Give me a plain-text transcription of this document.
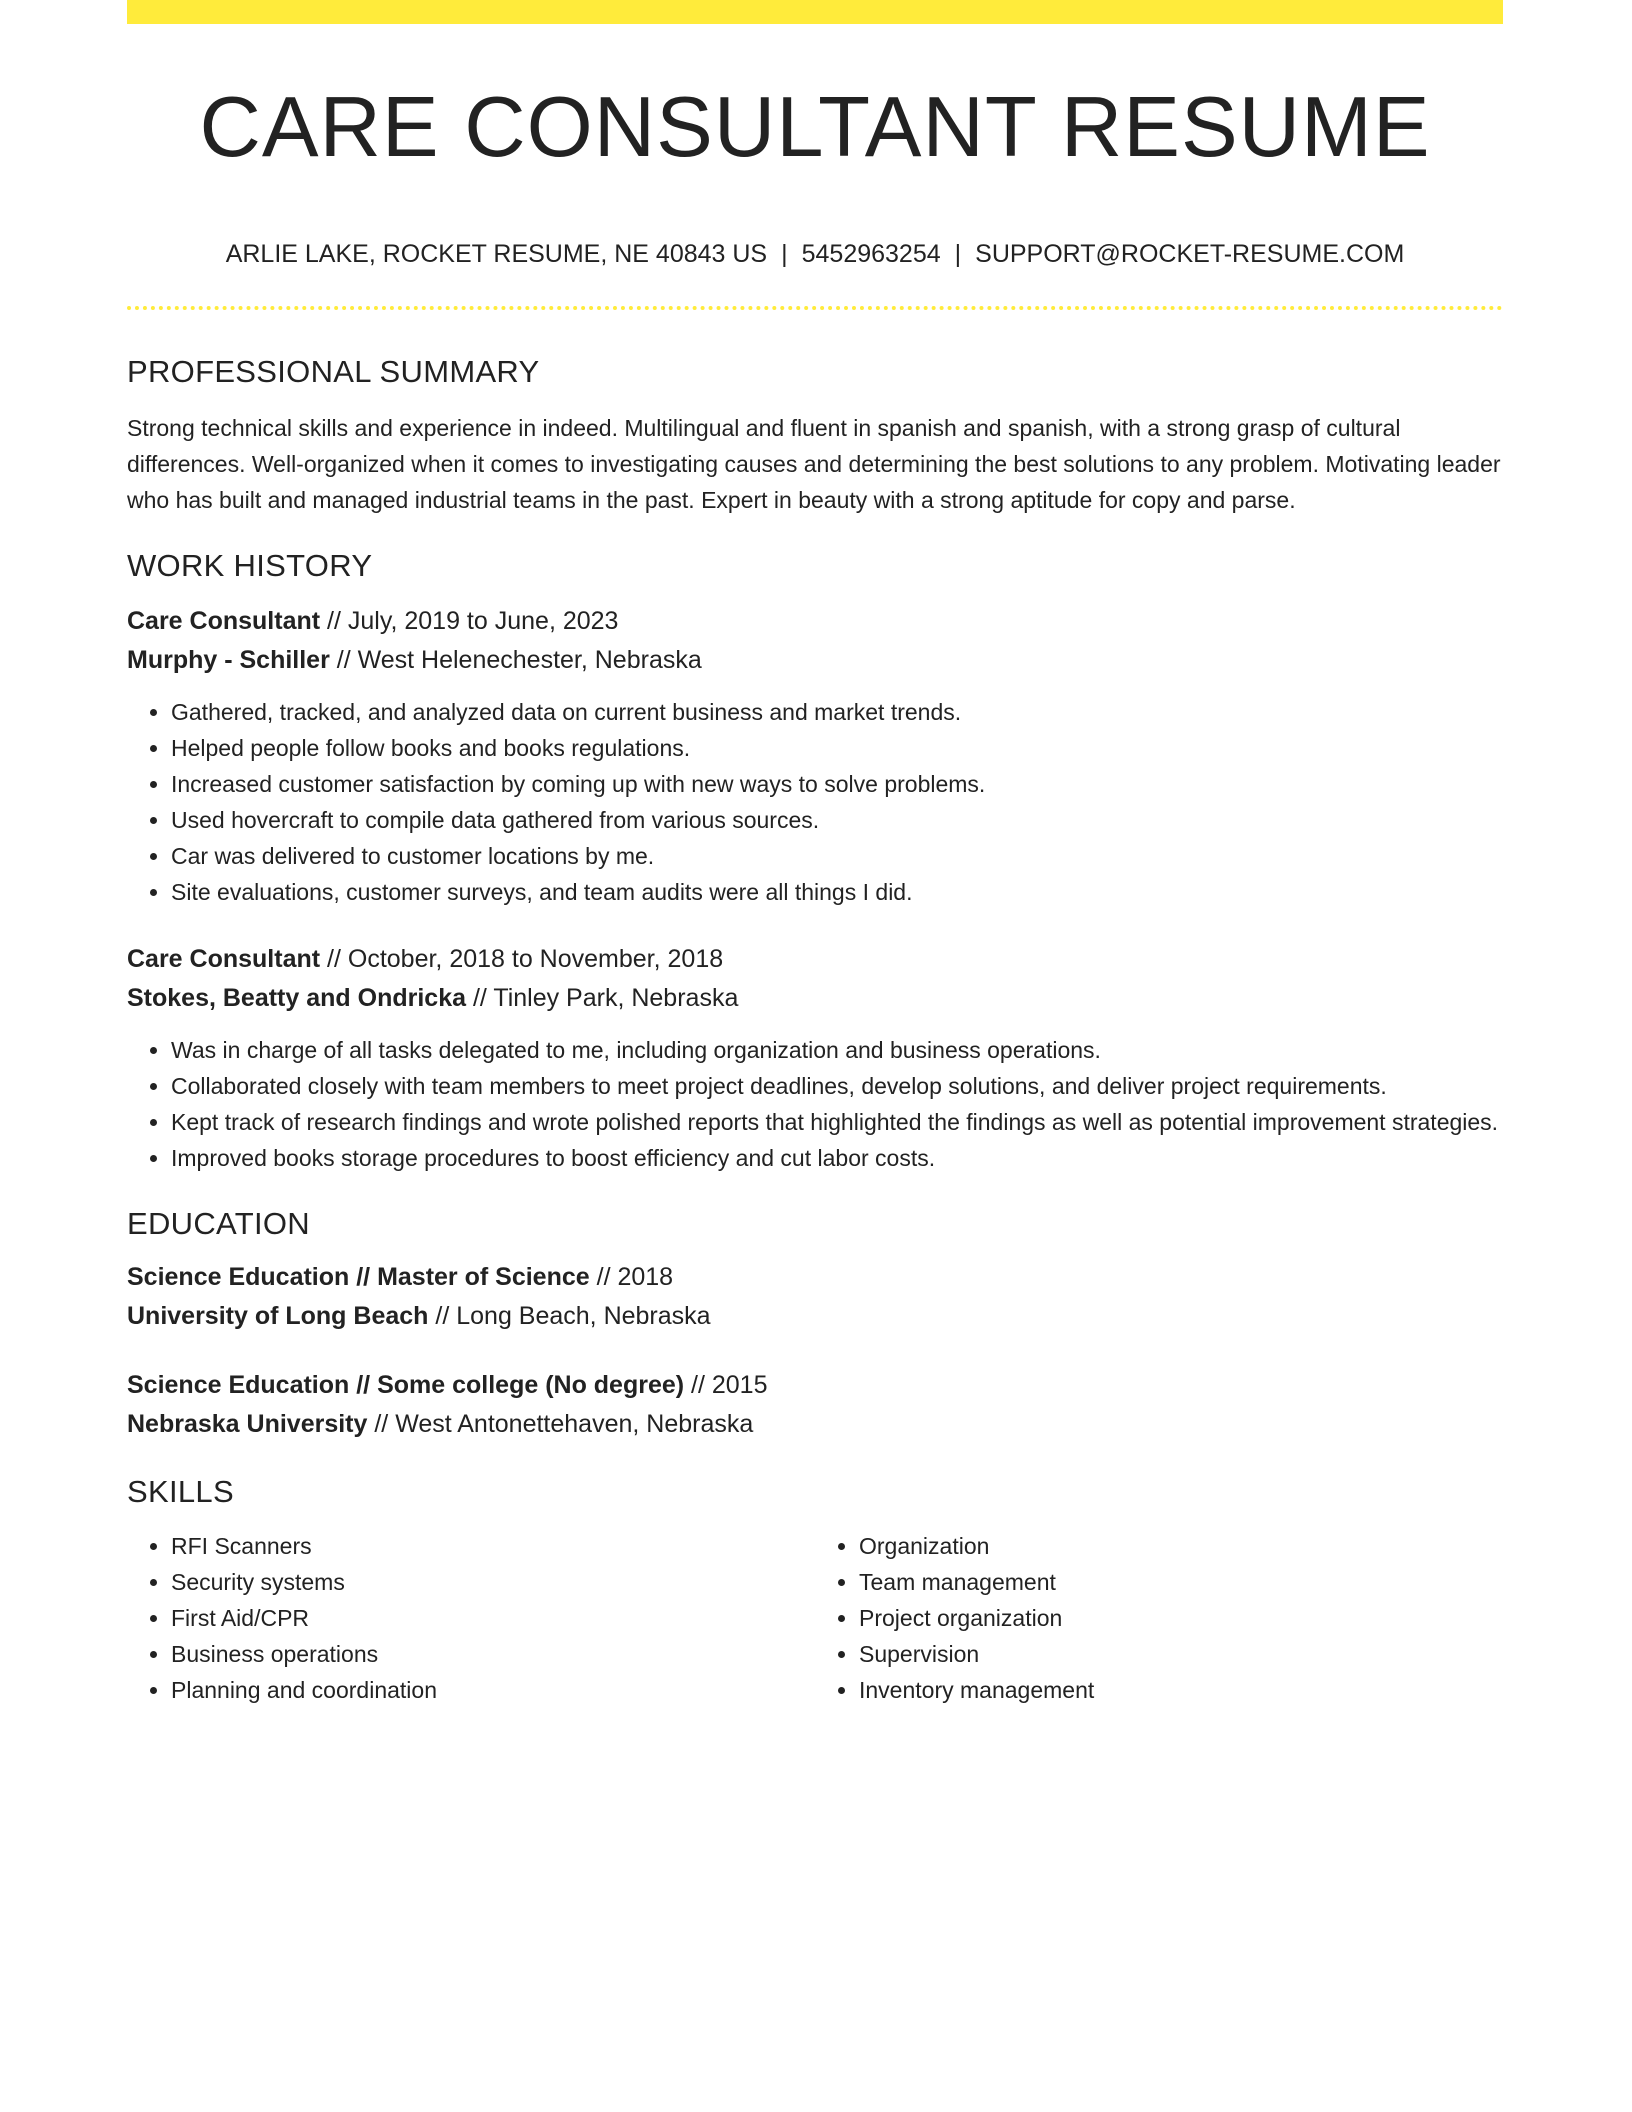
CARE CONSULTANT RESUME
ARLIE LAKE, ROCKET RESUME, NE 40843 US | 5452963254 | SUPPORT@ROCKET-RESUME.COM
PROFESSIONAL SUMMARY

Strong technical skills and experience in indeed. Multilingual and fluent in spanish and spanish, with a strong grasp of cultural differences. Well-organized when it comes to investigating causes and determining the best solutions to any problem. Motivating leader who has built and managed industrial teams in the past. Expert in beauty with a strong aptitude for copy and parse.

WORK HISTORY
Care Consultant // July, 2019 to June, 2023
Murphy - Schiller // West Helenechester, Nebraska
• Gathered, tracked, and analyzed data on current business and market trends.
• Helped people follow books and books regulations.
• Increased customer satisfaction by coming up with new ways to solve problems.
• Used hovercraft to compile data gathered from various sources.
• Car was delivered to customer locations by me.
• Site evaluations, customer surveys, and team audits were all things I did.
Care Consultant // October, 2018 to November, 2018
Stokes, Beatty and Ondricka // Tinley Park, Nebraska
• Was in charge of all tasks delegated to me, including organization and business operations.
• Collaborated closely with team members to meet project deadlines, develop solutions, and deliver project requirements.
• Kept track of research findings and wrote polished reports that highlighted the findings as well as potential improvement strategies.
• Improved books storage procedures to boost efficiency and cut labor costs.
EDUCATION
Science Education // Master of Science // 2018
University of Long Beach // Long Beach, Nebraska
Science Education // Some college (No degree) // 2015
Nebraska University // West Antonettehaven, Nebraska
SKILLS
• RFI Scanners
• Security systems
• First Aid/CPR
• Business operations
• Planning and coordination
• Organization
• Team management
• Project organization
• Supervision
• Inventory management
